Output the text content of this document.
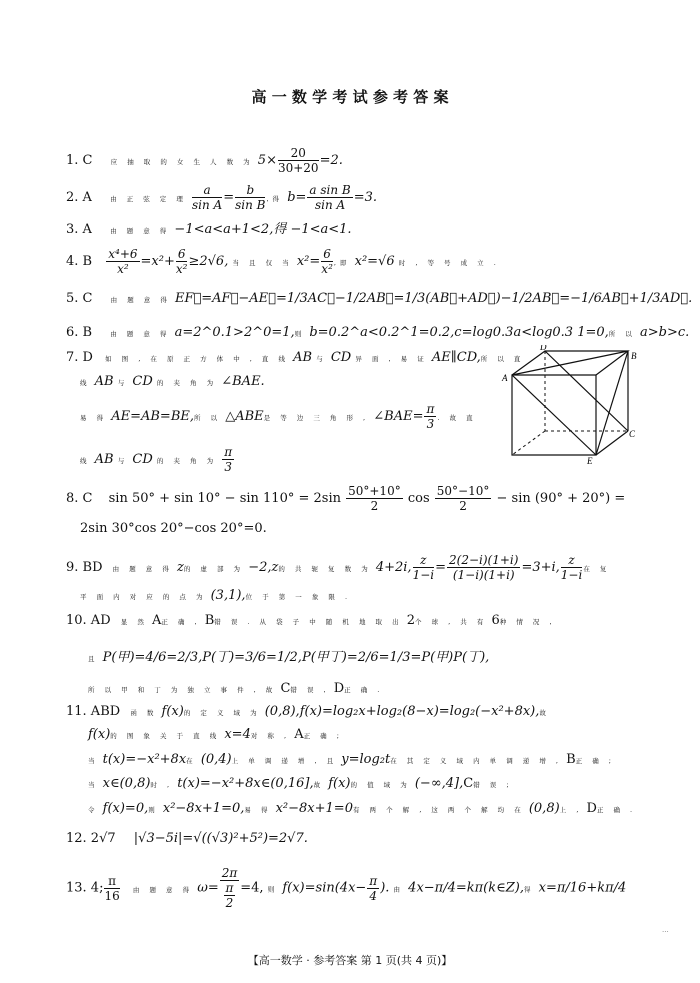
高 一 数 学 考 试 参 考 答 案
1. C	应 抽 取 的 女 生 人 数 为 $5\times \frac{20}{30+20} =2$.
2. A	由 正 弦 定 理 $\frac{a}{\text{sin A}} = \frac{b}{\text{sin B}}$ ,得 $b= \frac{\text{a sin B}}{\text{sin A}} =3$.
3. A	由 题 意 得 −1<a<a+1<2,得 −1<a<1.
4. B $\frac{\text{x⁴+6}}{\text{x²}} =x^2+ \frac{6}{\text{x²}} \ge 2√6$, 当 且 仅 当 $x^2= \frac{6}{\text{x²}}$ ,即 x²=√6 时 , 等 号 成 立 .
5. C	由 题 意 得 EF⃗=AF⃗−AE⃗=1/3AC⃗−1/2AB⃗=1/3(AB⃗+AD⃗)−1/2AB⃗=−1/6AB⃗+1/3AD⃗.
6. B	由 题 意 得 a=2^0.1>2^0=1,则 b=0.2^a<0.2^1=0.2,c=log0.3a<log0.3 1=0,所 以 a>b>c.
7. D 如 图 , 在 原 正 方 体 中 , 直 线 AB 与 CD 异 面 , 易 证 AE∥CD,所 以 直
线 AB 与 CD 的 夹 角 为 ∠BAE.
易 得 AE=AB=BE,所 以 △ABE是 等 边 三 角 形 , ∠BAE= $\frac{\pi}{3}$ . 故 直
线 AB 与 CD 的 夹 角 为 $\frac{\pi}{3}$
D
B
A
C
E
8. C $\sin 50^\circ + \sin 10^\circ - \sin 110^\circ = 2\sin \frac{50^\circ+10^\circ}{2}$ $\cos \frac{50^\circ-10^\circ}{2} - \sin (90^\circ + 20^\circ)$ =
2sin 30°cos 20°−cos 20°=0.
9. BD 由 题 意 得 z的 虚 部 为 −2,z的 共 轭 复 数 为 4+2i, $\frac{z}{1-i} = \frac{2(2-i)(1+i)}{(1-i)(1+i)} =3+i$, $\frac{z}{1-i}$ 在 复
平 面 内 对 应 的 点 为 (3,1),位 于 第 一 象 限 .
10. AD 显 然 A正 确 , B错 误 . 从 袋 子 中 随 机 地 取 出 2个 球 , 共 有 6种 情 况 ,
且 P(甲)=4/6=2/3,P(丁)=3/6=1/2,P(甲丁)=2/6=1/3=P(甲)P(丁),
所 以 甲 和 丁 为 独 立 事 件 , 故 C错 误 , D正 确 .
11. ABD 函 数 f(x)的 定 义 域 为 (0,8),f(x)=log₂x+log₂(8−x)=log₂(−x²+8x),故
f(x)的 图 象 关 于 直 线 x=4对 称 , A正 确 ;
当 t(x)=−x²+8x在 (0,4)上 单 调 递 增 , 且 y=log₂t在 其 定 义 域 内 单 调 递 增 , B正 确 ;
当 x∈(0,8)时 , t(x)=−x²+8x∈(0,16],故 f(x)的 值 域 为 (−∞,4],C错 误 ;
令 f(x)=0,则 x²−8x+1=0,易 得 x²−8x+1=0有 两 个 解 , 这 两 个 解 均 在 (0,8)上 , D正 确 .
12. 2√7 |√3−5i|=√((√3)²+5²)=2√7.
13. 4; $\frac{\pi}{16}$ 由 题 意 得 $\omega= \frac{2\pi}{\frac{\pi}{2}} =4$, 则 $f(x)=\sin(4x- \frac{\pi}{4}$ ). 由 4x−π/4=kπ(k∈Z),得 x=π/16+kπ/4
【高一数学 · 参考答案 第 1 页(共 4 页)】
...
